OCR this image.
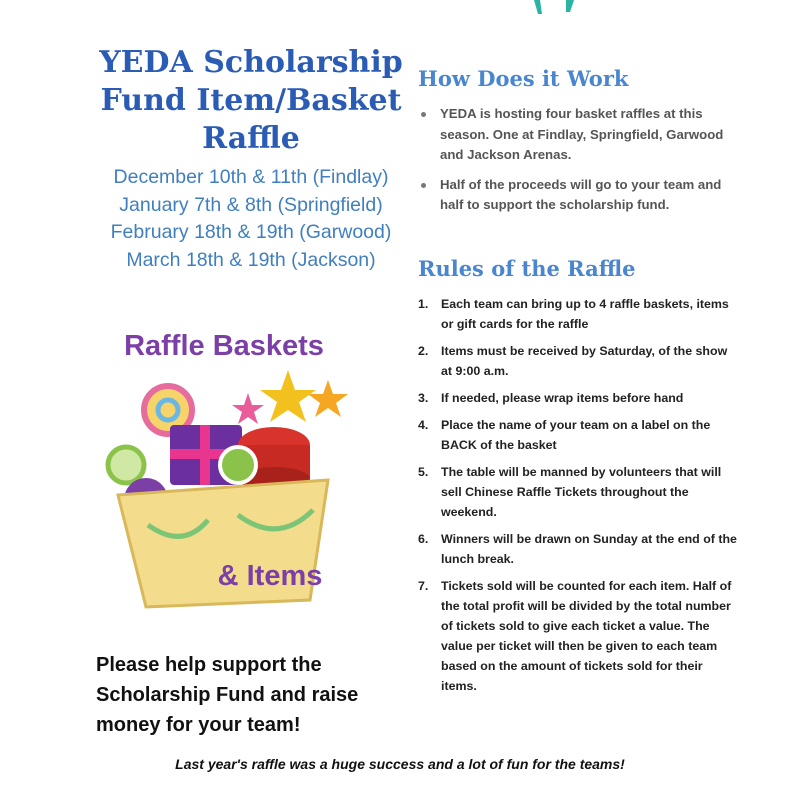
YEDA Scholarship
Fund Item/Basket
Raffle
December 10th & 11th (Findlay)
January 7th & 8th (Springfield)
February 18th & 19th (Garwood)
March 18th & 19th (Jackson)
Raffle Baskets
& Items
Please help support the
Scholarship Fund and raise
money for your team!
How Does it Work
YEDA is hosting four basket raffles at this season. One at Findlay, Springfield, Garwood and Jackson Arenas.
Half of the proceeds will go to your team and half to support the scholarship fund.
Rules of the Raffle
1. Each team can bring up to 4 raffle baskets, items or gift cards for the raffle
2. Items must be received by Saturday, of the show at 9:00 a.m.
3. If needed, please wrap items before hand
4. Place the name of your team on a label on the BACK of the basket
5. The table will be manned by volunteers that will sell Chinese Raffle Tickets throughout the weekend.
6. Winners will be drawn on Sunday at the end of the lunch break.
7. Tickets sold will be counted for each item. Half of the total profit will be divided by the total number of tickets sold to give each ticket a value. The value per ticket will then be given to each team based on the amount of tickets sold for their items.
Last year's raffle was a huge success and a lot of fun for the teams!
